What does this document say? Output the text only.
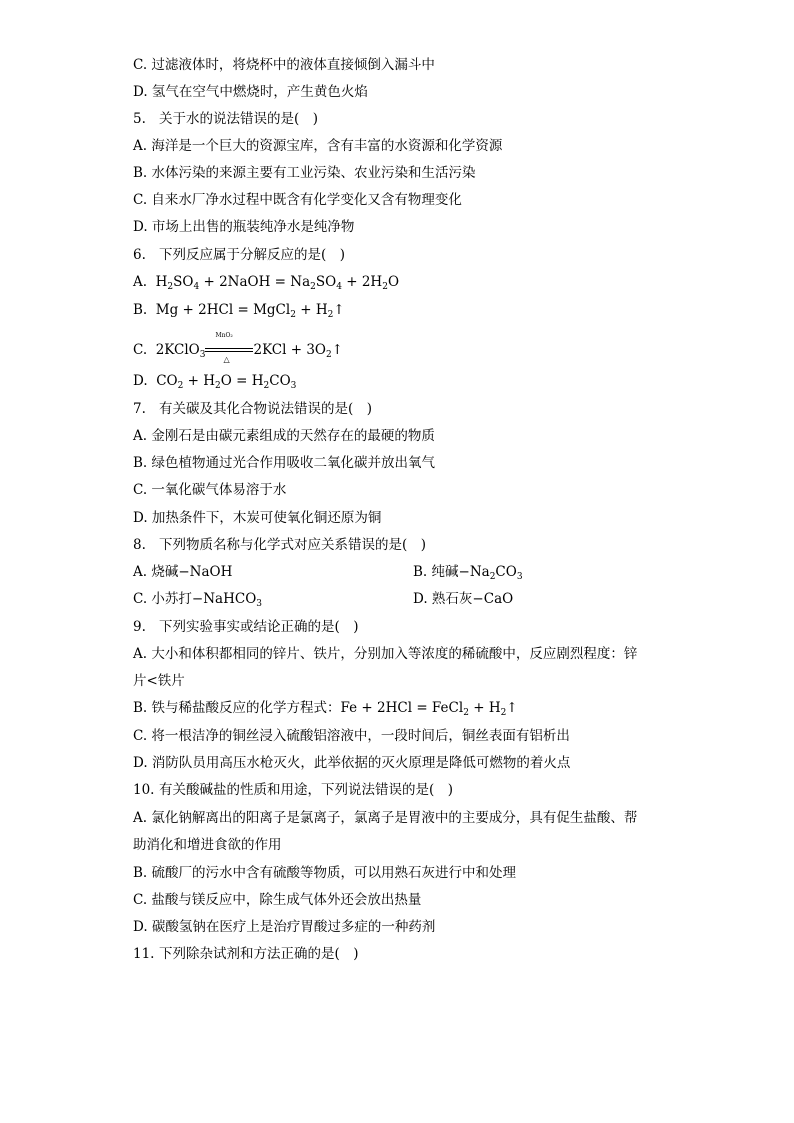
C. 过滤液体时，将烧杯中的液体直接倾倒入漏斗中
D. 氢气在空气中燃烧时，产生黄色火焰
5. 关于水的说法错误的是(　)
A. 海洋是一个巨大的资源宝库，含有丰富的水资源和化学资源
B. 水体污染的来源主要有工业污染、农业污染和生活污染
C. 自来水厂净水过程中既含有化学变化又含有物理变化
D. 市场上出售的瓶装纯净水是纯净物
6. 下列反应属于分解反应的是(　)
A.  $H_2SO_4$ + 2NaOH = $Na_2SO_4 + 2H_2O$
B.  Mg + 2HCl = MgCl$_2$ + $H_2↑$
C.  2KClO$_3$
MnO₂
△
$2KCl + 3O_2↑$
D.  $CO_2 + H_2O = H_2CO_3$
7. 有关碳及其化合物说法错误的是(　)
A. 金刚石是由碳元素组成的天然存在的最硬的物质
B. 绿色植物通过光合作用吸收二氧化碳并放出氧气
C. 一氧化碳气体易溶于水
D. 加热条件下，木炭可使氧化铜还原为铜
8. 下列物质名称与化学式对应关系错误的是(　)
A. 烧碱−NaOH	B. 纯碱$-Na_2CO_3$
C. 小苏打−NaHCO$_3$	D. 熟石灰−CaO
9. 下列实验事实或结论正确的是(　)
A. 大小和体积都相同的锌片、铁片，分别加入等浓度的稀硫酸中，反应剧烈程度：锌
片<铁片
B. 铁与稀盐酸反应的化学方程式：Fe + 2HCl = FeCl$_2$ + $H_2↑$
C. 将一根洁净的铜丝浸入硫酸铝溶液中，一段时间后，铜丝表面有铝析出
D. 消防队员用高压水枪灭火，此举依据的灭火原理是降低可燃物的着火点
10. 有关酸碱盐的性质和用途，下列说法错误的是(　)
A. 氯化钠解离出的阳离子是氯离子，氯离子是胃液中的主要成分，具有促生盐酸、帮
助消化和增进食欲的作用
B. 硫酸厂的污水中含有硫酸等物质，可以用熟石灰进行中和处理
C. 盐酸与镁反应中，除生成气体外还会放出热量
D. 碳酸氢钠在医疗上是治疗胃酸过多症的一种药剂
11. 下列除杂试剂和方法正确的是(　)
